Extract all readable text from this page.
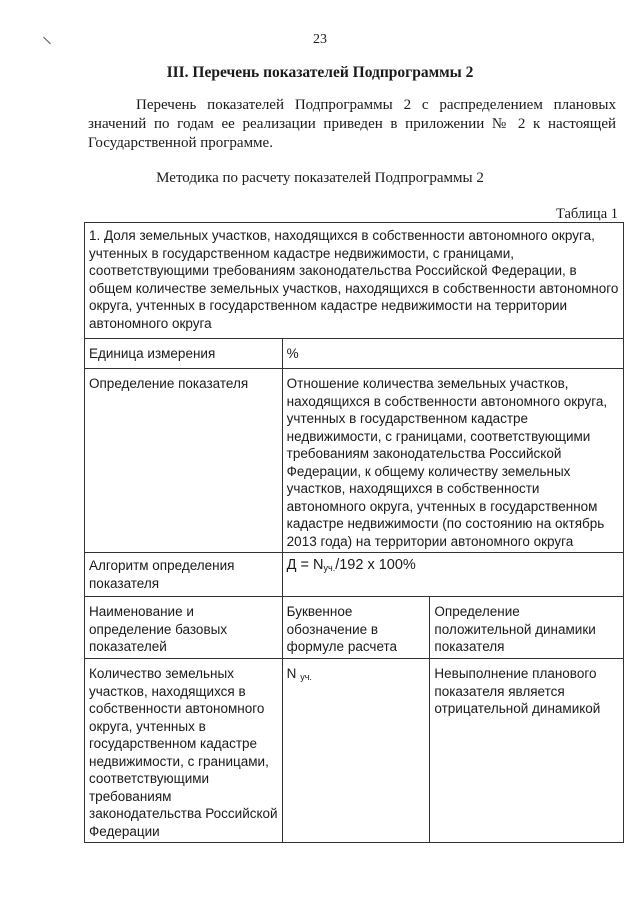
23
III. Перечень показателей Подпрограммы 2

Перечень показателей Подпрограммы 2 с распределением плановых значений по годам ее реализации приведен в приложении № 2 к настоящей Государственной программе.

Методика по расчету показателей Подпрограммы 2
Таблица 1
1. Доля земельных участков, находящихся в собственности автономного округа, учтенных в государственном кадастре недвижимости, с границами, соответствующими требованиям законодательства Российской Федерации, в общем количестве земельных участков, находящихся в собственности автономного округа, учтенных в государственном кадастре недвижимости на территории автономного округа		
Единица измерения	%	
Определение показателя	Отношение количества земельных участков, находящихся в собственности автономного округа, учтенных в государственном кадастре недвижимости, с границами, соответствующими требованиям законодательства Российской Федерации, к общему количеству земельных участков, находящихся в собственности автономного округа, учтенных в государственном кадастре недвижимости (по состоянию на октябрь 2013 года) на территории автономного округа	
Алгоритм определения показателя	$Д = N_{уч.}/192$ х 100%	
Наименование и определение базовых показателей	Буквенное обозначение в формуле расчета	Определение положительной динамики показателя
Количество земельных участков, находящихся в собственности автономного округа, учтенных в государственном кадастре недвижимости, с границами, соответствующими требованиям законодательства Российской Федерации	N $_{уч.}$	Невыполнение планового показателя является отрицательной динамикой
